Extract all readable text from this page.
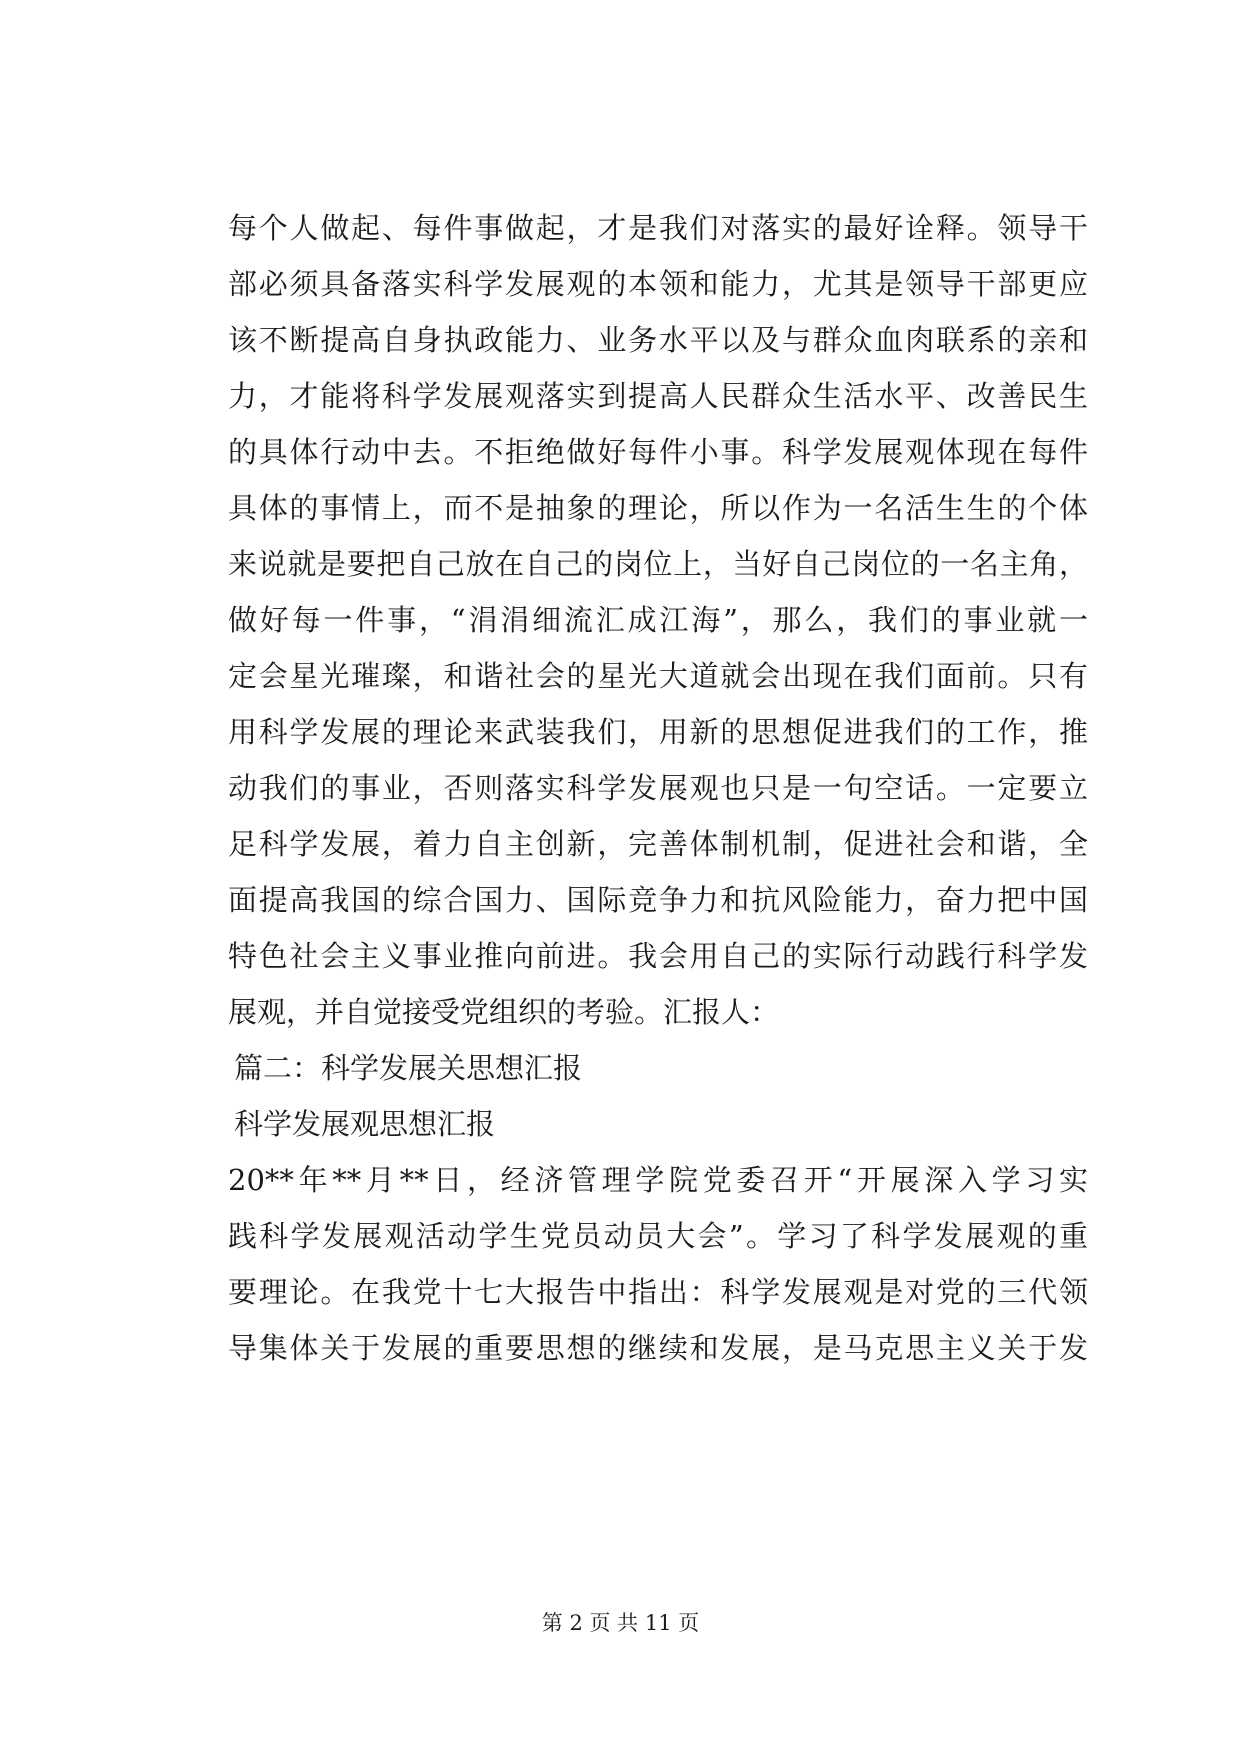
每个人做起、每件事做起，才是我们对落实的最好诠释。领导干
部必须具备落实科学发展观的本领和能力，尤其是领导干部更应
该不断提高自身执政能力、业务水平以及与群众血肉联系的亲和
力，才能将科学发展观落实到提高人民群众生活水平、改善民生
的具体行动中去。不拒绝做好每件小事。科学发展观体现在每件
具体的事情上，而不是抽象的理论，所以作为一名活生生的个体
来说就是要把自己放在自己的岗位上，当好自己岗位的一名主角，
做好每一件事，“涓涓细流汇成江海”，那么，我们的事业就一
定会星光璀璨，和谐社会的星光大道就会出现在我们面前。只有
用科学发展的理论来武装我们，用新的思想促进我们的工作，推
动我们的事业，否则落实科学发展观也只是一句空话。一定要立
足科学发展，着力自主创新，完善体制机制，促进社会和谐，全
面提高我国的综合国力、国际竞争力和抗风险能力，奋力把中国
特色社会主义事业推向前进。我会用自己的实际行动践行科学发
展观，并自觉接受党组织的考验。汇报人：
篇二：科学发展关思想汇报
科学发展观思想汇报
20**年**月**日，经济管理学院党委召开“开展深入学习实
践科学发展观活动学生党员动员大会”。学习了科学发展观的重
要理论。在我党十七大报告中指出：科学发展观是对党的三代领
导集体关于发展的重要思想的继续和发展，是马克思主义关于发
第 2 页 共 11 页
